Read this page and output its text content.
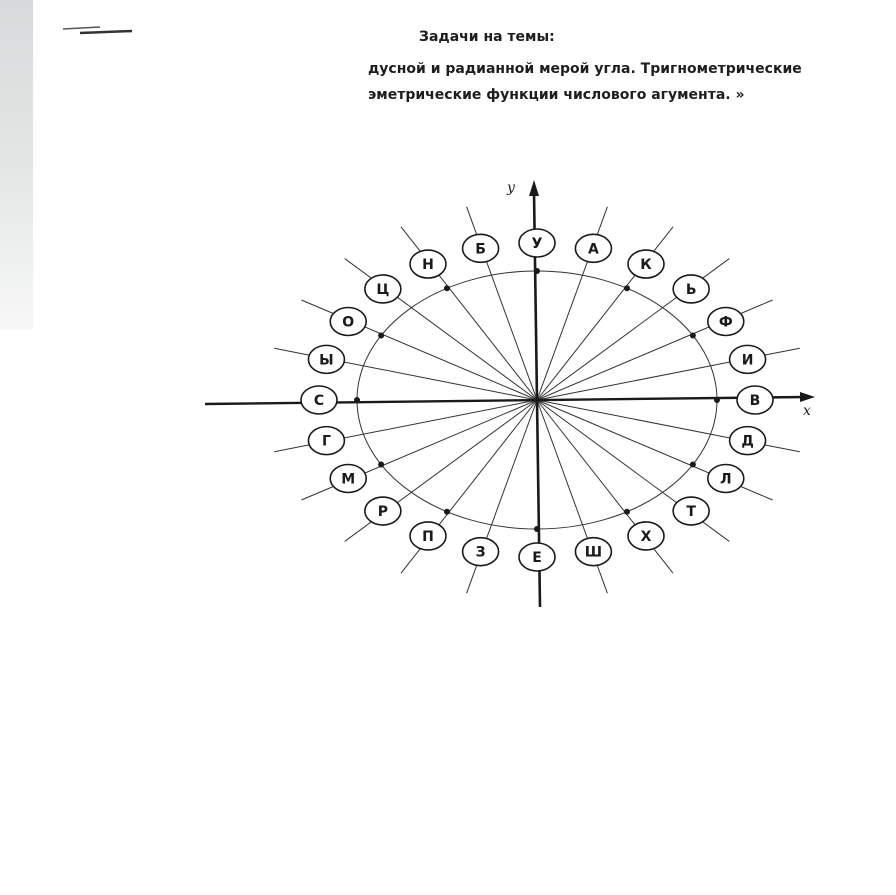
Задачи на темы:
дусной и радианной мерой угла. Тригнометрические
эметрические функции числового агумента. »
x
y
В
И
Ф
Ь
К
А
У
Б
Н
Ц
О
Ы
С
Г
М
Р
П
З	Е	Ш
Х
Т
Л
Д
